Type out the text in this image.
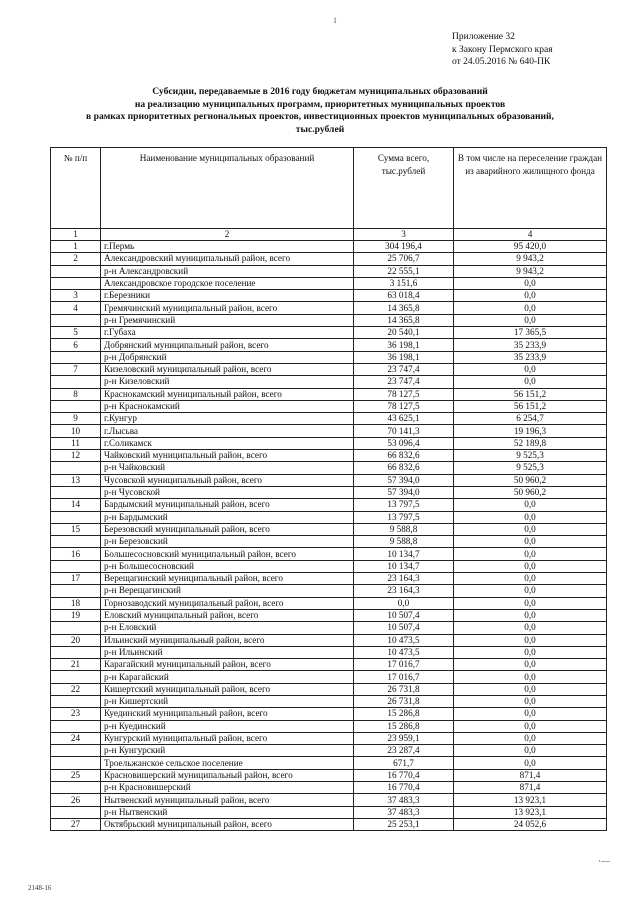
1
Приложение 32
к Закону Пермского края
от 24.05.2016 № 640-ПК
Субсидии, передаваемые в 2016 году бюджетам муниципальных образований
на реализацию муниципальных программ, приоритетных муниципальных проектов
в рамках приоритетных региональных проектов, инвестиционных проектов муниципальных образований,
тыс.рублей
№ п/п	Наименование муниципальных образований	Сумма всего, тыс.рублей	В том числе на переселение граждан из аварийного жилищного фонда
1	2	3	4
1	г.Пермь	304 196,4	95 420,0
2	Александровский муниципальный район, всего	25 706,7	9 943,2
	р-н Александровский	22 555,1	9 943,2
	Александровское городское поселение	3 151,6	0,0
3	г.Березники	63 018,4	0,0
4	Гремячинский муниципальный район, всего	14 365,8	0,0
	р-н Гремячинский	14 365,8	0,0
5	г.Губаха	20 540,1	17 365,5
6	Добрянский муниципальный район, всего	36 198,1	35 233,9
	р-н Добрянский	36 198,1	35 233,9
7	Кизеловский муниципальный район, всего	23 747,4	0,0
	р-н Кизеловский	23 747,4	0,0
8	Краснокамский муниципальный район, всего	78 127,5	56 151,2
	р-н Краснокамский	78 127,5	56 151,2
9	г.Кунгур	43 625,1	6 254,7
10	г.Лысьва	70 141,3	19 196,3
11	г.Соликамск	53 096,4	52 189,8
12	Чайковский муниципальный район, всего	66 832,6	9 525,3
	р-н Чайковский	66 832,6	9 525,3
13	Чусовской муниципальный район, всего	57 394,0	50 960,2
	р-н Чусовской	57 394,0	50 960,2
14	Бардымский муниципальный район, всего	13 797,5	0,0
	р-н Бардымский	13 797,5	0,0
15	Березовский муниципальный район, всего	9 588,8	0,0
	р-н Березовский	9 588,8	0,0
16	Большесосновский муниципальный район, всего	10 134,7	0,0
	р-н Большесосновский	10 134,7	0,0
17	Верещагинский муниципальный район, всего	23 164,3	0,0
	р-н Верещагинский	23 164,3	0,0
18	Горнозаводский муниципальный район, всего	0,0	0,0
19	Еловский муниципальный район, всего	10 507,4	0,0
	р-н Еловский	10 507,4	0,0
20	Ильинский муниципальный район, всего	10 473,5	0,0
	р-н Ильинский	10 473,5	0,0
21	Карагайский муниципальный район, всего	17 016,7	0,0
	р-н Карагайский	17 016,7	0,0
22	Кишертский муниципальный район, всего	26 731,8	0,0
	р-н Кишертский	26 731,8	0,0
23	Куединский муниципальный район, всего	15 286,8	0,0
	р-н Куединский	15 286,8	0,0
24	Кунгурский муниципальный район, всего	23 959,1	0,0
	р-н Кунгурский	23 287,4	0,0
	Троельжанское сельское поселение	671,7	0,0
25	Красновишерский муниципальный район, всего	16 770,4	871,4
	р-н Красновишерский	16 770,4	871,4
26	Нытвенский муниципальный район, всего	37 483,3	13 923,1
	р-н Нытвенский	37 483,3	13 923,1
27	Октябрьский муниципальный район, всего	25 253,1	24 052,6
2148-16
·—
